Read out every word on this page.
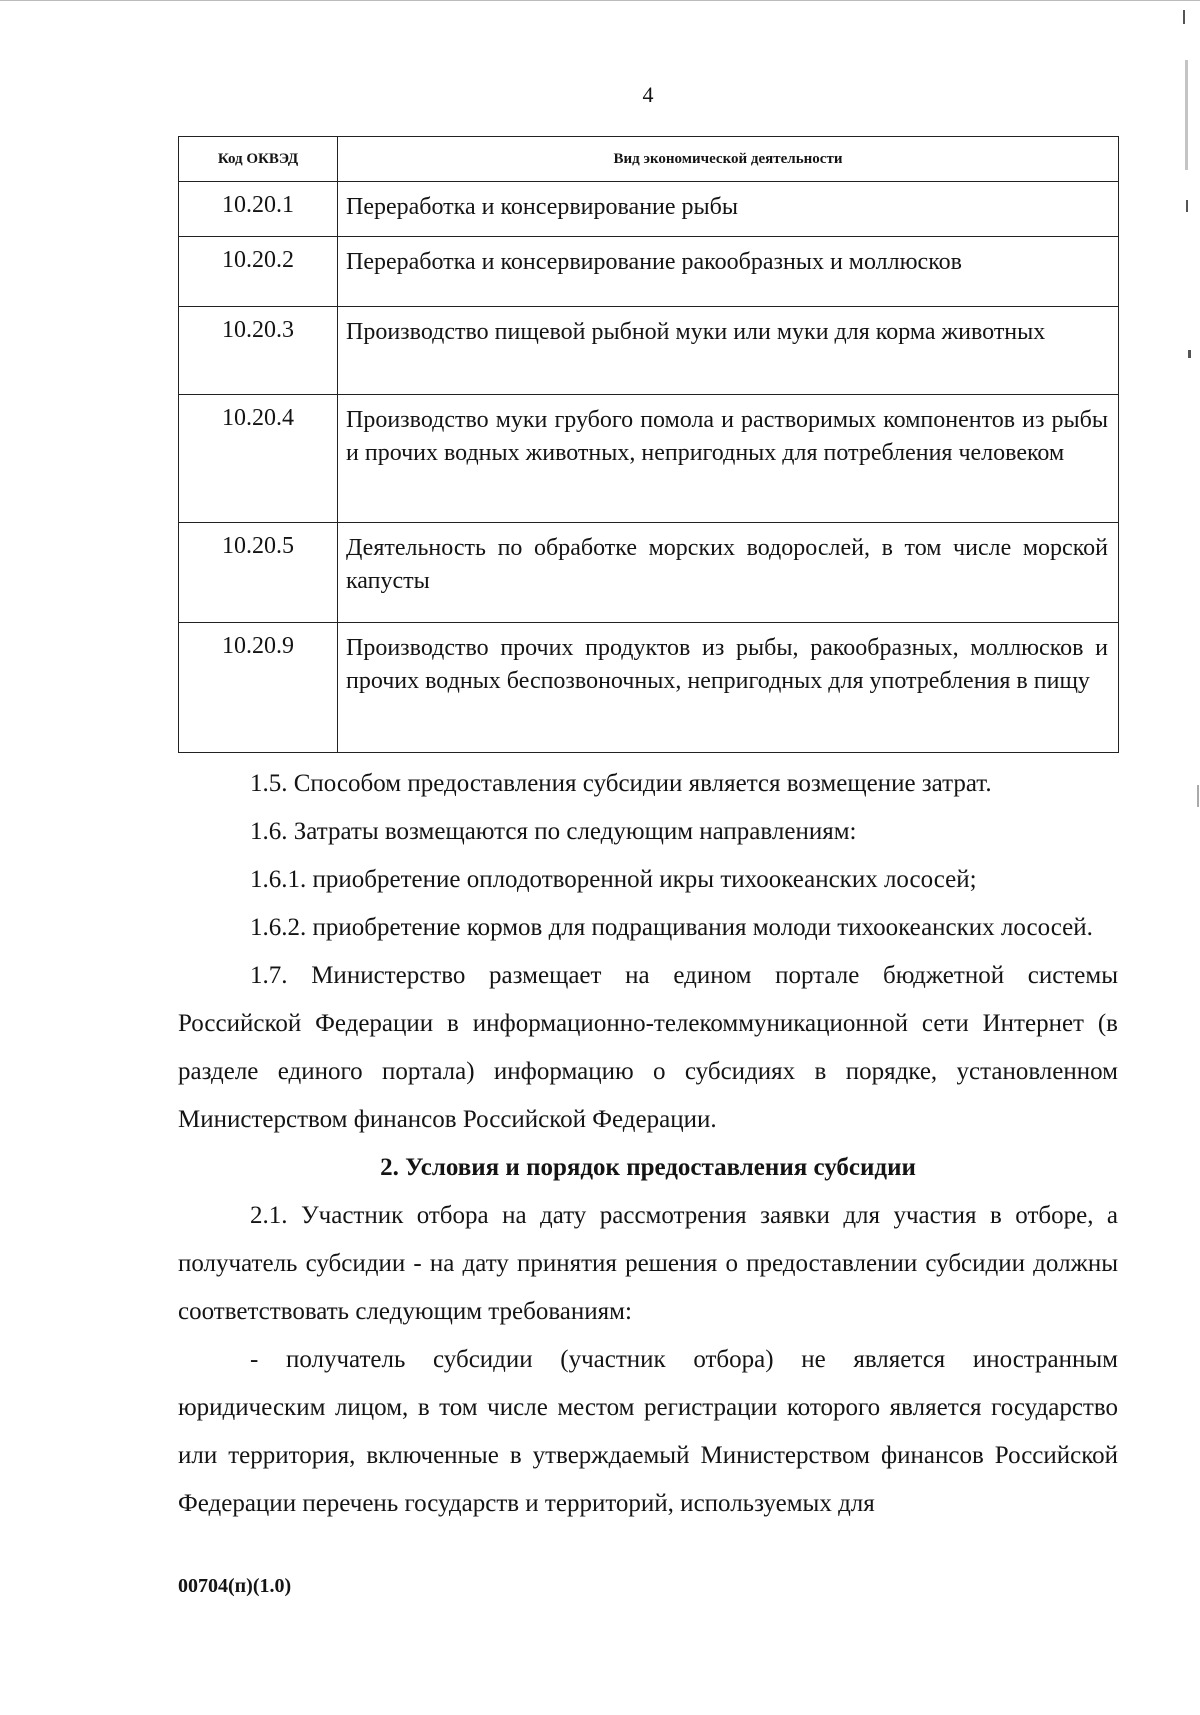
4
Код ОКВЭД	Вид экономической деятельности
10.20.1	Переработка и консервирование рыбы
10.20.2	Переработка и консервирование ракообразных и моллюсков
10.20.3	Производство пищевой рыбной муки или муки для корма животных
10.20.4	Производство муки грубого помола и растворимых компонентов из рыбы и прочих водных животных, непригодных для потребления человеком
10.20.5	Деятельность по обработке морских водорослей, в том числе морской капусты
10.20.9	Производство прочих продуктов из рыбы, ракообразных, моллюсков и прочих водных беспозвоночных, непригодных для употребления в пищу

1.5. Способом предоставления субсидии является возмещение затрат.

1.6. Затраты возмещаются по следующим направлениям:

1.6.1. приобретение оплодотворенной икры тихоокеанских лососей;

1.6.2. приобретение кормов для подращивания молоди тихоокеанских лососей.

1.7. Министерство размещает на едином портале бюджетной системы Российской Федерации в информационно-телекоммуникационной сети Интернет (в разделе единого портала) информацию о субсидиях в порядке, установленном Министерством финансов Российской Федерации.

2. Условия и порядок предоставления субсидии

2.1. Участник отбора на дату рассмотрения заявки для участия в отборе, а получатель субсидии - на дату принятия решения о предоставлении субсидии должны соответствовать следующим требованиям:

- получатель субсидии (участник отбора) не является иностранным юридическим лицом, в том числе местом регистрации которого является государство или территория, включенные в утверждаемый Министерством финансов Российской Федерации перечень государств и территорий, используемых для

00704(п)(1.0)
